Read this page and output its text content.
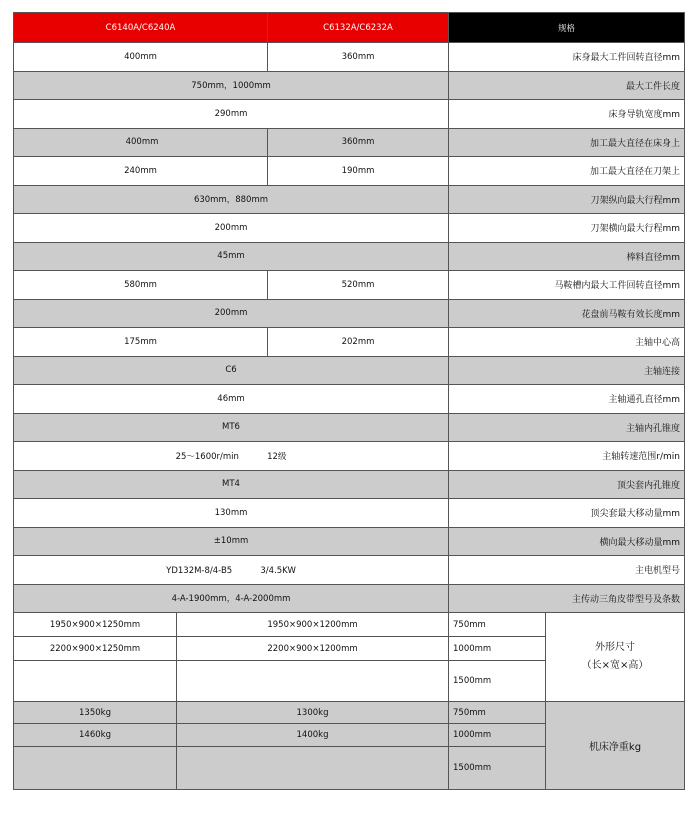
C6140A/C6240A		C6132A/C6232A	规格	
400mm		360mm	床身最大工件回转直径mm	
750mm，1000mm			最大工件长度	
290mm			床身导轨宽度mm	
400mm		360mm	加工最大直径在床身上	
240mm		190mm	加工最大直径在刀架上	
630mm，880mm			刀架纵向最大行程mm	
200mm			刀架横向最大行程mm	
45mm			棒料直径mm	
580mm		520mm	马鞍槽内最大工件回转直径mm	
200mm			花盘前马鞍有效长度mm	
175mm		202mm	主轴中心高	
C6			主轴连接	
46mm			主轴通孔直径mm	
MT6			主轴内孔锥度	
25～1600r/min 　　　12级			主轴转速范围r/min	
MT4			顶尖套内孔锥度	
130mm			顶尖套最大移动量mm	
±10mm			横向最大移动量mm	
YD132M-8/4-B5 　　　3/4.5KW			主电机型号	
4-A-1900mm，4-A-2000mm			主传动三角皮带型号及条数	
1950×900×1250mm	1950×900×1200mm		750mm	外形尺寸
（长×宽×高）

2200×900×1250mm	2200×900×1200mm		1000mm	
			1500mm	
1350kg	1300kg		750mm	机床净重kg
1460kg	1400kg		1000mm	
			1500mm	
